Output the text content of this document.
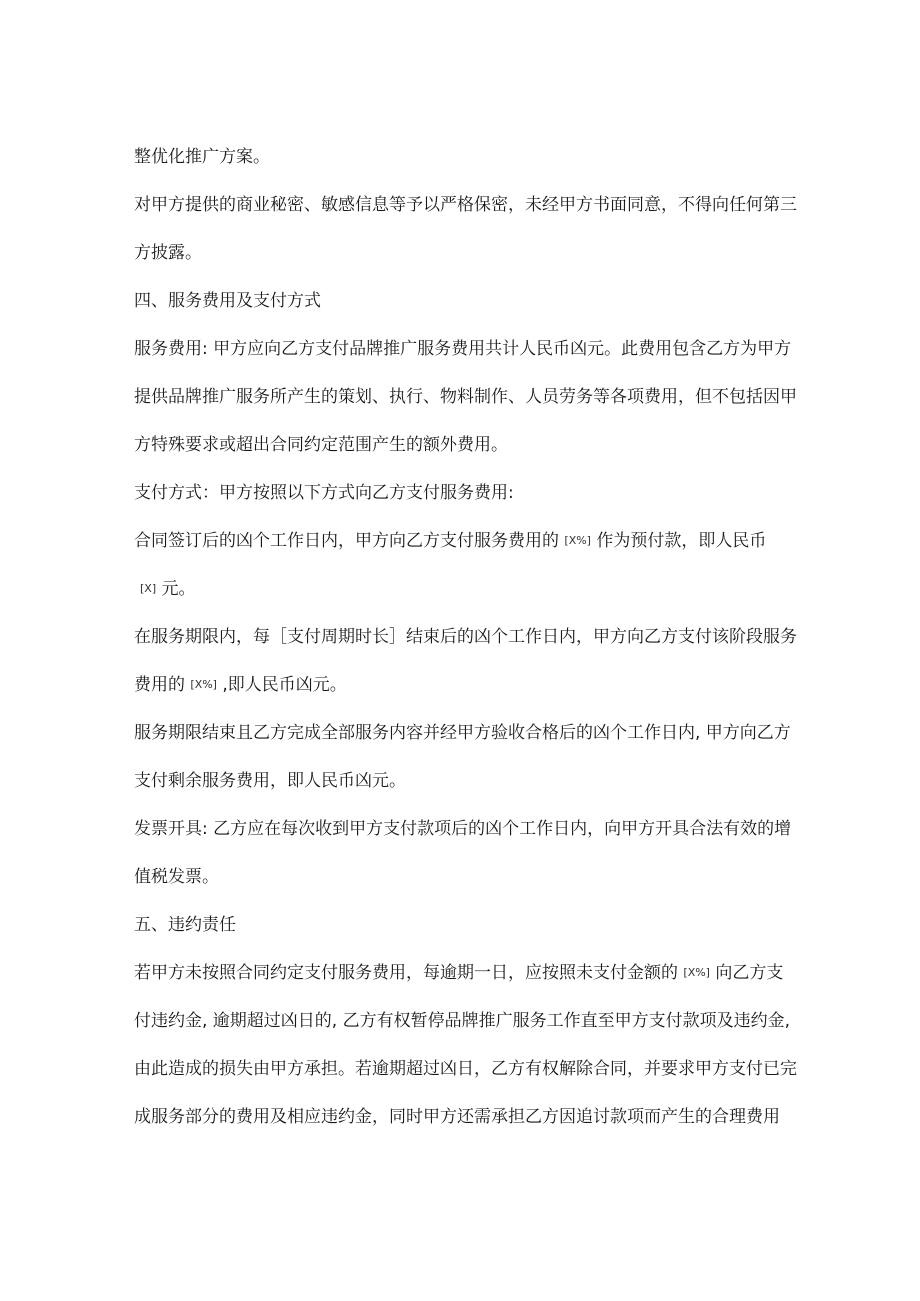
整优化推广方案。
对甲方提供的商业秘密、敏感信息等予以严格保密，未经甲方书面同意，不得向任何第三
方披露。
四、服务费用及支付方式
服务费用: 甲方应向乙方支付品牌推广服务费用共计人民币凶元。此费用包含乙方为甲方
提供品牌推广服务所产生的策划、执行、物料制作、人员劳务等各项费用，但不包括因甲
方特殊要求或超出合同约定范围产生的额外费用。
支付方式：甲方按照以下方式向乙方支付服务费用:
合同签订后的凶个工作日内，甲方向乙方支付服务费用的 [X%] 作为预付款，即人民币
[X] 元。
在服务期限内，每［支付周期时长］结束后的凶个工作日内，甲方向乙方支付该阶段服务
费用的 [X%] ,即人民币凶元。
服务期限结束且乙方完成全部服务内容并经甲方验收合格后的凶个工作日内, 甲方向乙方
支付剩余服务费用，即人民币凶元。
发票开具: 乙方应在每次收到甲方支付款项后的凶个工作日内，向甲方开具合法有效的增
值税发票。
五、违约责任
若甲方未按照合同约定支付服务费用，每逾期一日，应按照未支付金额的 [X%] 向乙方支
付违约金, 逾期超过凶日的, 乙方有权暂停品牌推广服务工作直至甲方支付款项及违约金,
由此造成的损失由甲方承担。若逾期超过凶日，乙方有权解除合同，并要求甲方支付已完
成服务部分的费用及相应违约金，同时甲方还需承担乙方因追讨款项而产生的合理费用
